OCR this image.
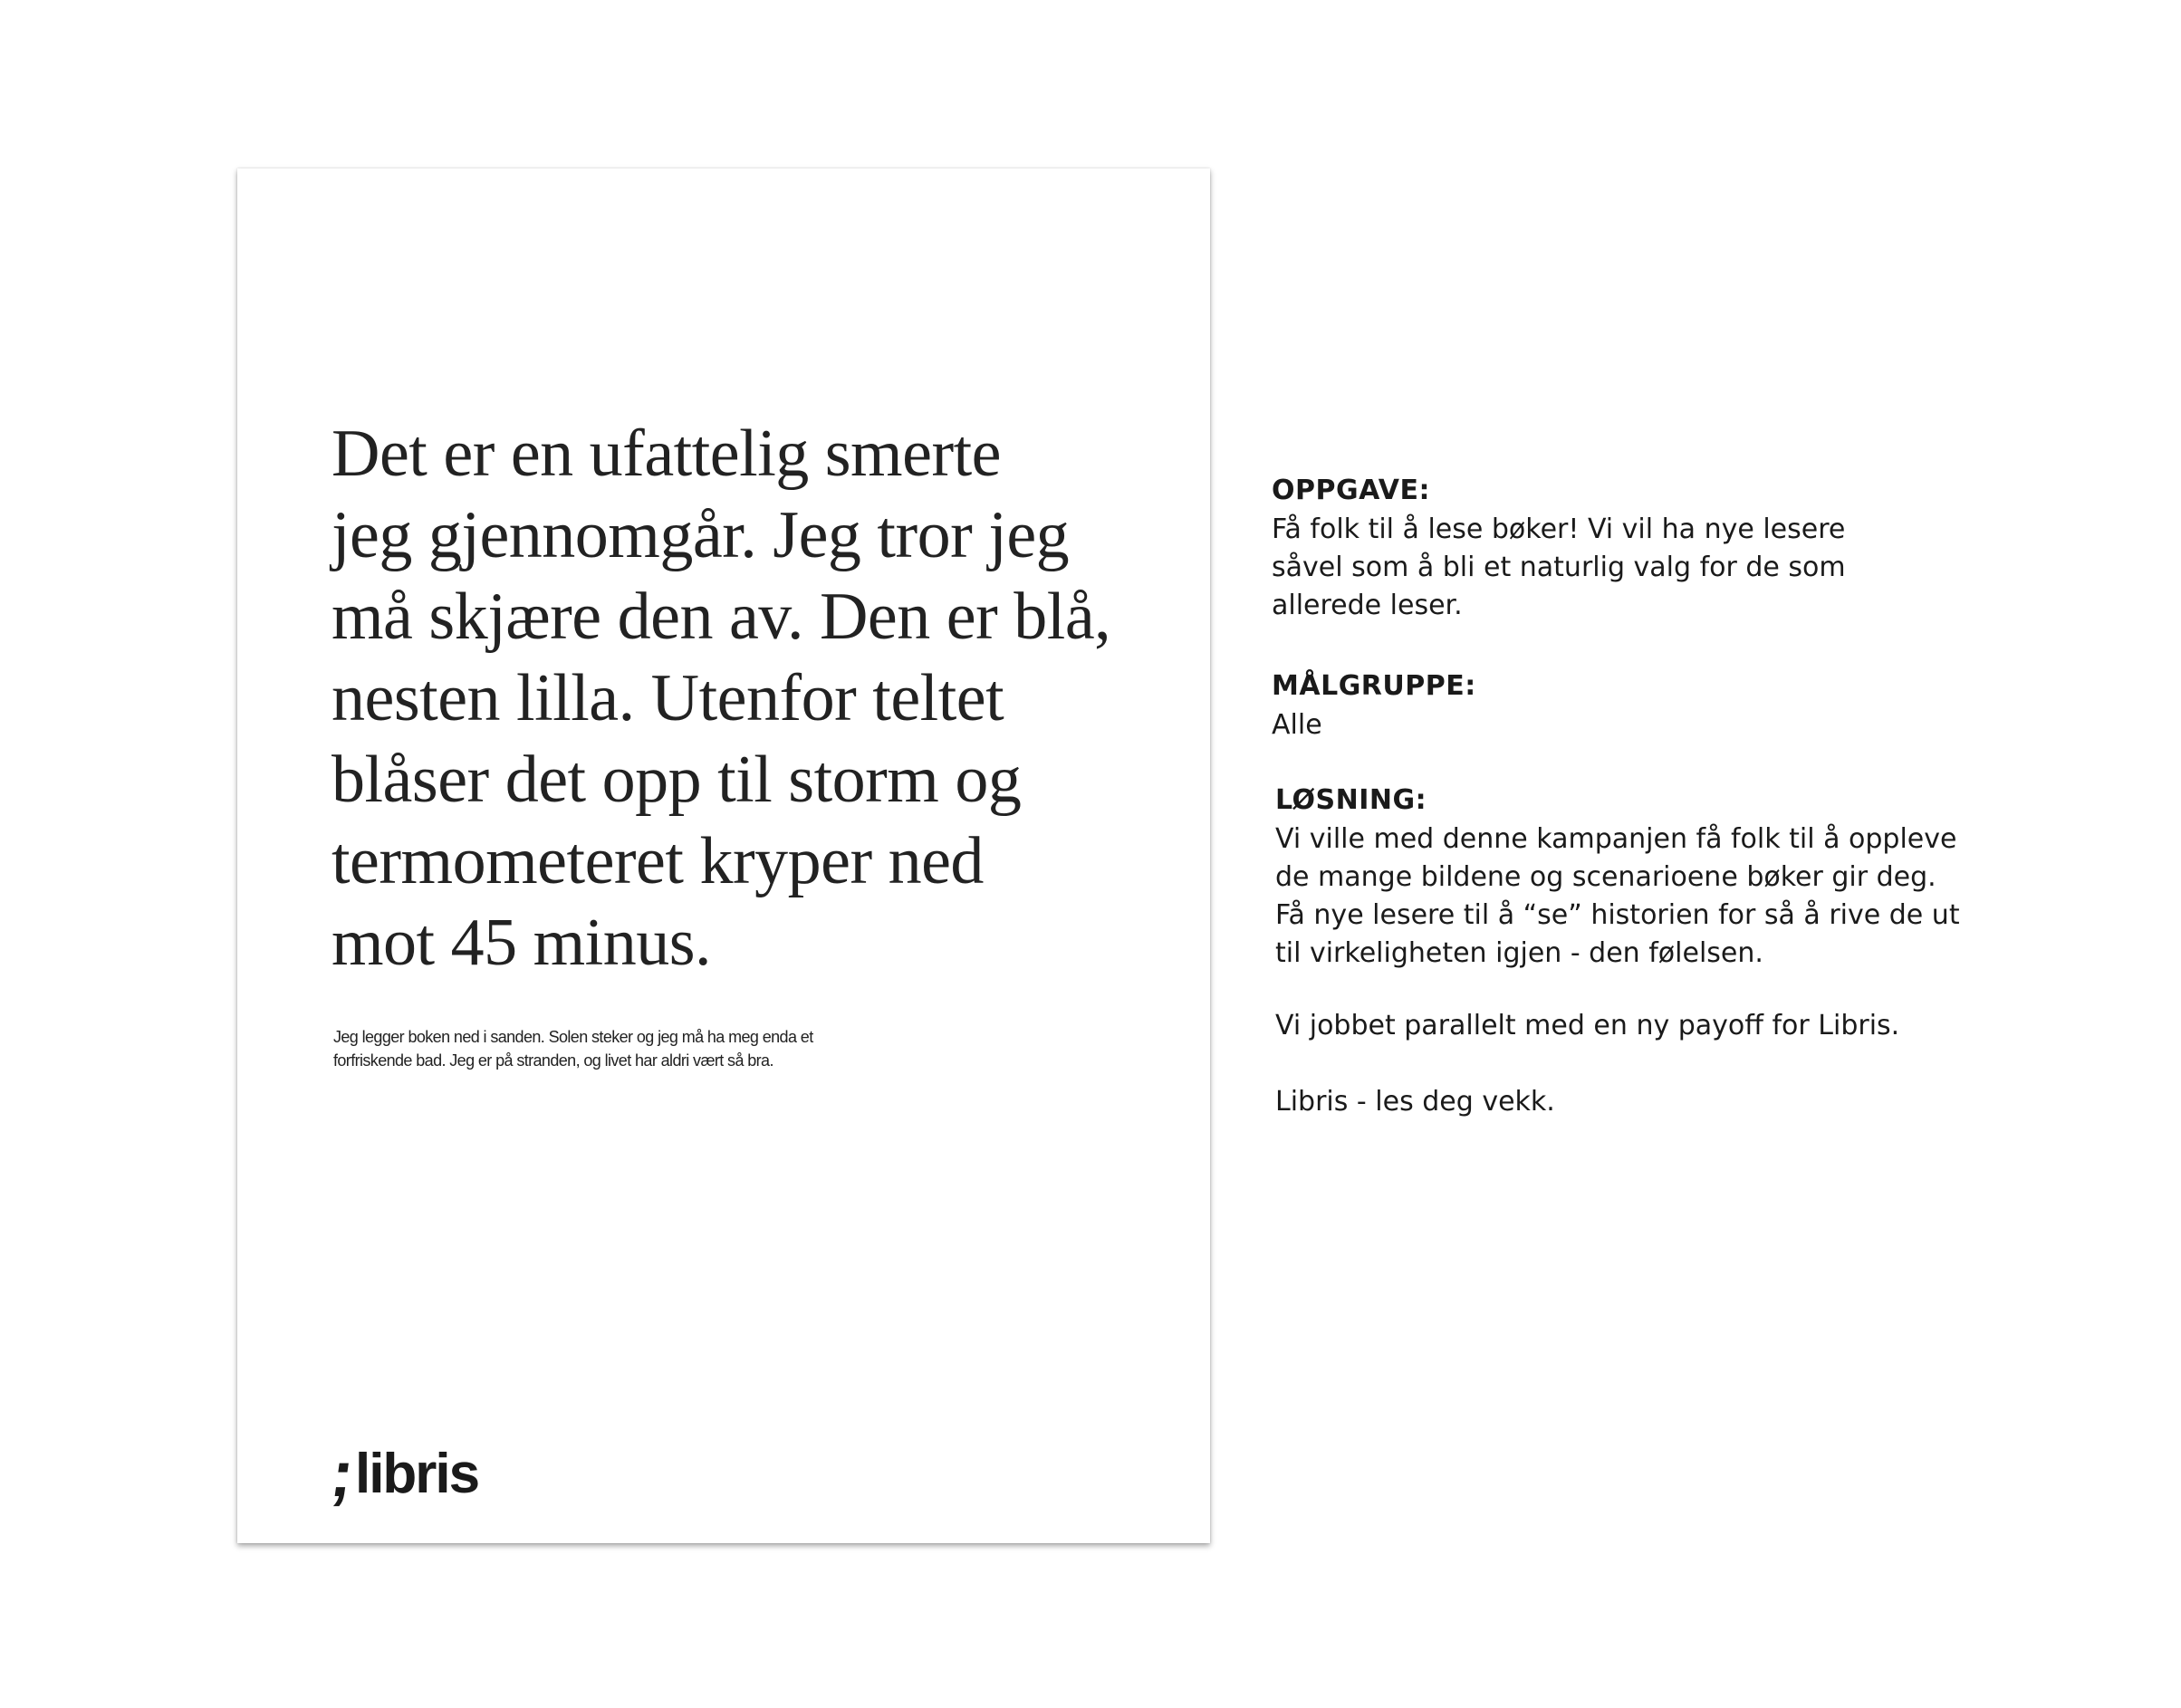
Det er en ufattelig smerte
jeg gjennomgår. Jeg tror jeg
må skjære den av. Den er blå,
nesten lilla. Utenfor teltet
blåser det opp til storm og
termometeret kryper ned
mot 45 minus.

Jeg legger boken ned i sanden. Solen steker og jeg må ha meg enda et
forfriskende bad. Jeg er på stranden, og livet har aldri vært så bra.

;
libris
OPPGAVE:
Få folk til å lese bøker! Vi vil ha nye lesere
såvel som å bli et naturlig valg for de som
allerede leser.
MÅLGRUPPE:
Alle
LØSNING:
Vi ville med denne kampanjen få folk til å oppleve
de mange bildene og scenarioene bøker gir deg.
Få nye lesere til å “se” historien for så å rive de ut
til virkeligheten igjen - den følelsen.
Vi jobbet parallelt med en ny payoff for Libris.
Libris - les deg vekk.
